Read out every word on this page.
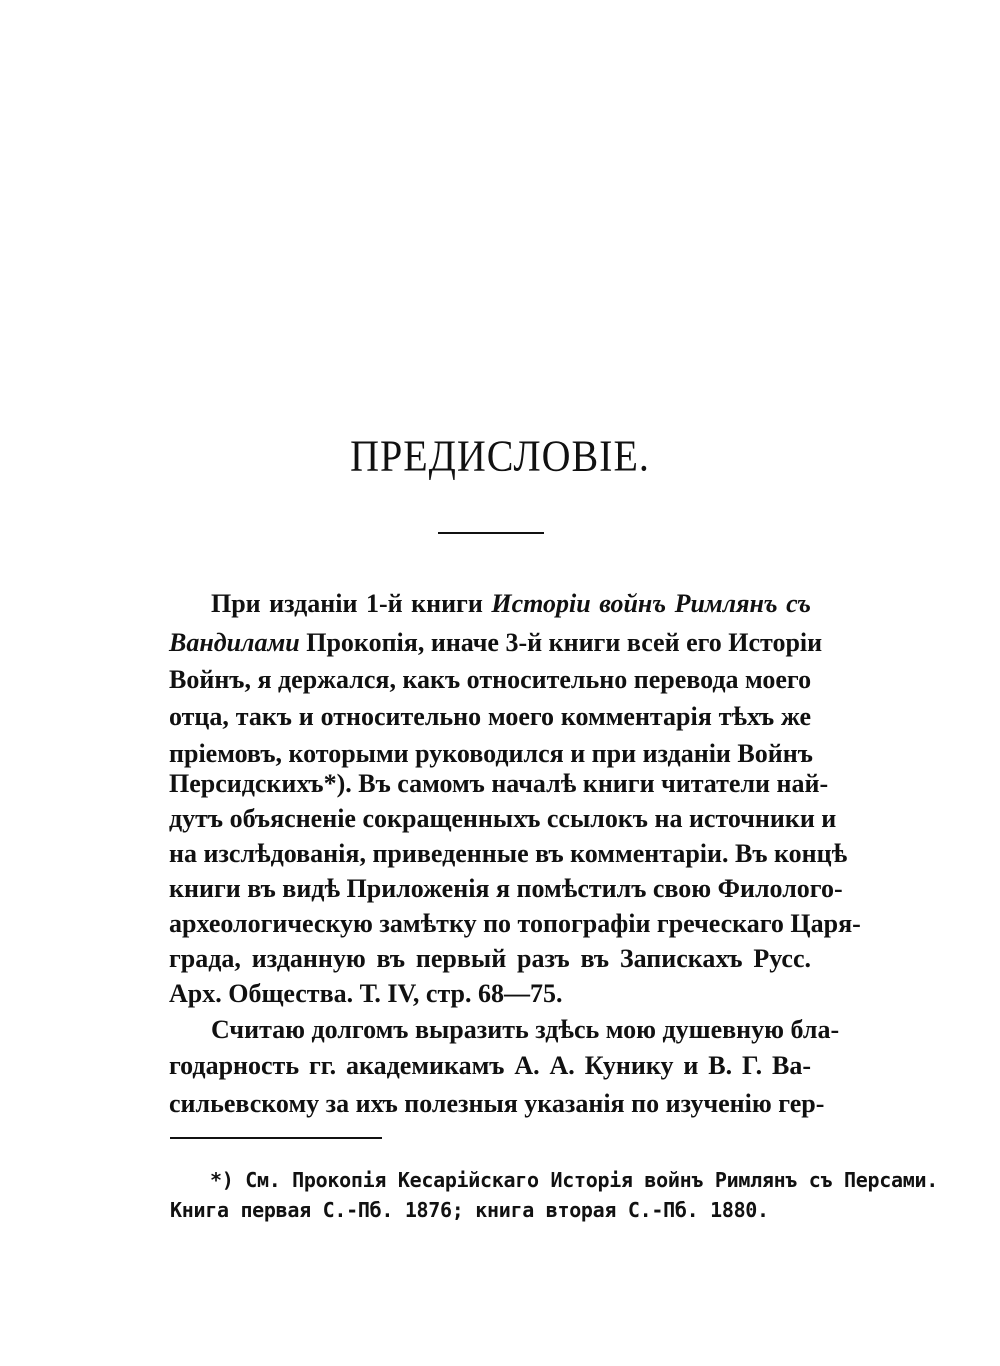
ПРЕДИСЛОВІЕ.
При изданіи 1-й книги Исторіи войнъ Римлянъ съ
Вандилами Прокопія, иначе 3-й книги всей его Исторіи
Войнъ, я держался, какъ относительно перевода моего
отца, такъ и относительно моего комментарія тѣхъ же
пріемовъ, которыми руководился и при изданіи Войнъ
Персидскихъ*). Въ самомъ началѣ книги читатели най-
дутъ объясненіе сокращенныхъ ссылокъ на источники и
на изслѣдованія, приведенные въ комментаріи. Въ концѣ
книги въ видѣ Приложенія я помѣстилъ свою Филолого-
археологическую замѣтку по топографіи греческаго Царя-
града, изданную въ первый разъ въ Запискахъ Русс.
Арх. Общества. Т. IV, стр. 68—75.
Считаю долгомъ выразить здѣсь мою душевную бла-
годарность гг. академикамъ А. А. Кунику и В. Г. Ва-
сильевскому за ихъ полезныя указанія по изученію гер-
*) См. Прокопія Кесарійскаго Исторія войнъ Римлянъ съ Персами.
Книга первая С.-Пб. 1876; книга вторая С.-Пб. 1880.
